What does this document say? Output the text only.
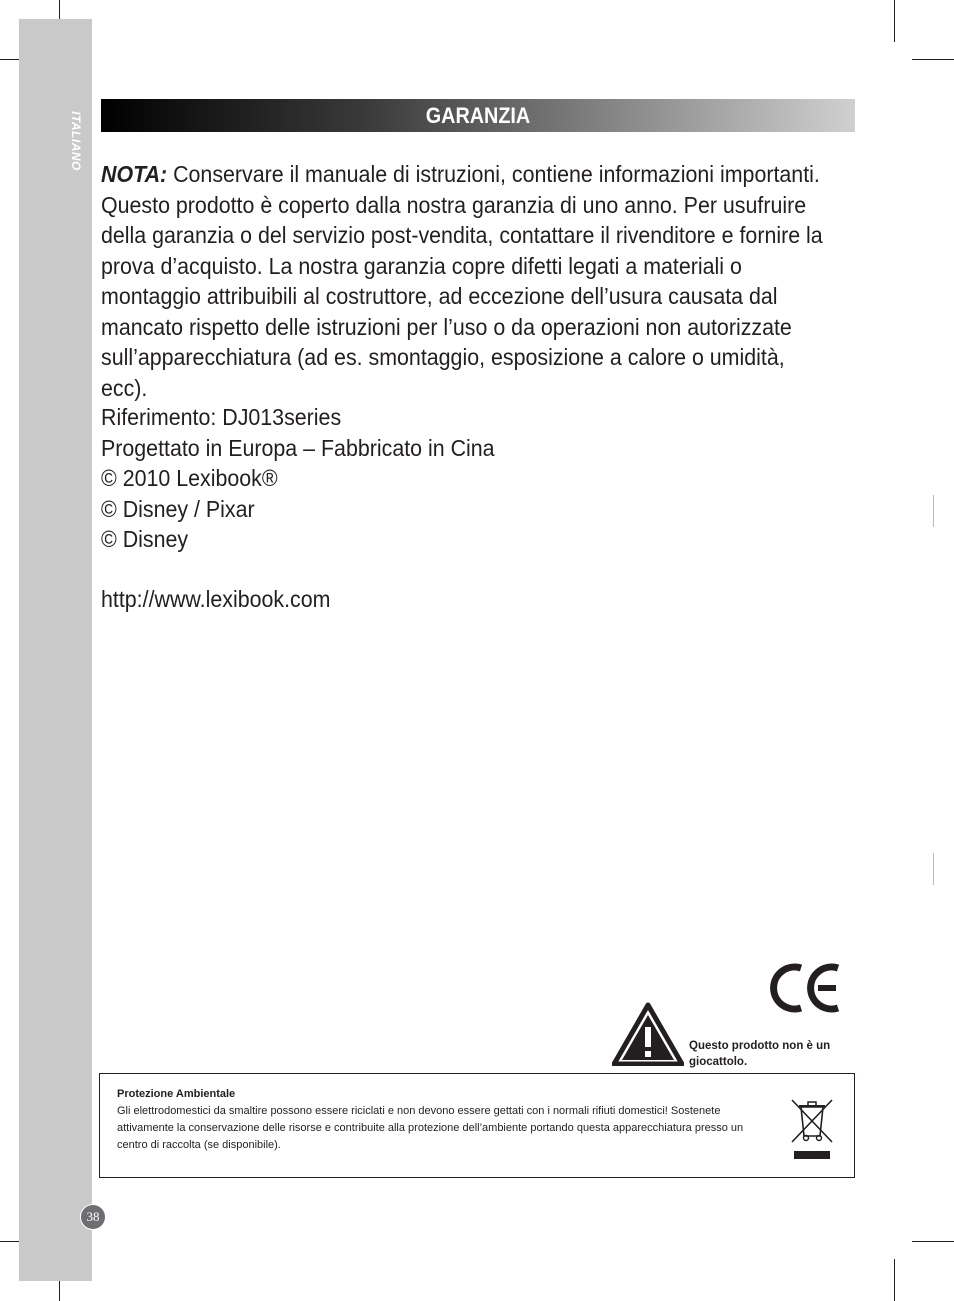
ITALIANO
38
GARANZIA

NOTA: Conservare il manuale di istruzioni, contiene informazioni importanti. Questo prodotto è coperto dalla nostra garanzia di uno anno. Per usufruire della garanzia o del servizio post-vendita, contattare il rivenditore e fornire la prova d’acquisto. La nostra garanzia copre difetti legati a materiali o montaggio attribuibili al costruttore, ad eccezione dell’usura causata dal mancato rispetto delle istruzioni per l’uso o da operazioni non autorizzate sull’apparecchiatura (ad es. smontaggio, esposizione a calore o umidità, ecc).

Riferimento: DJ013series
Progettato in Europa – Fabbricato in Cina
© 2010 Lexibook®
© Disney / Pixar
© Disney
http://www.lexibook.com
Questo prodotto non è un giocattolo.
Protezione Ambientale
Gli elettrodomestici da smaltire possono essere riciclati e non devono essere gettati con i normali rifiuti domestici! Sostenete attivamente la conservazione delle risorse e contribuite alla protezione dell’ambiente portando questa apparecchiatura presso un centro di raccolta (se disponibile).
